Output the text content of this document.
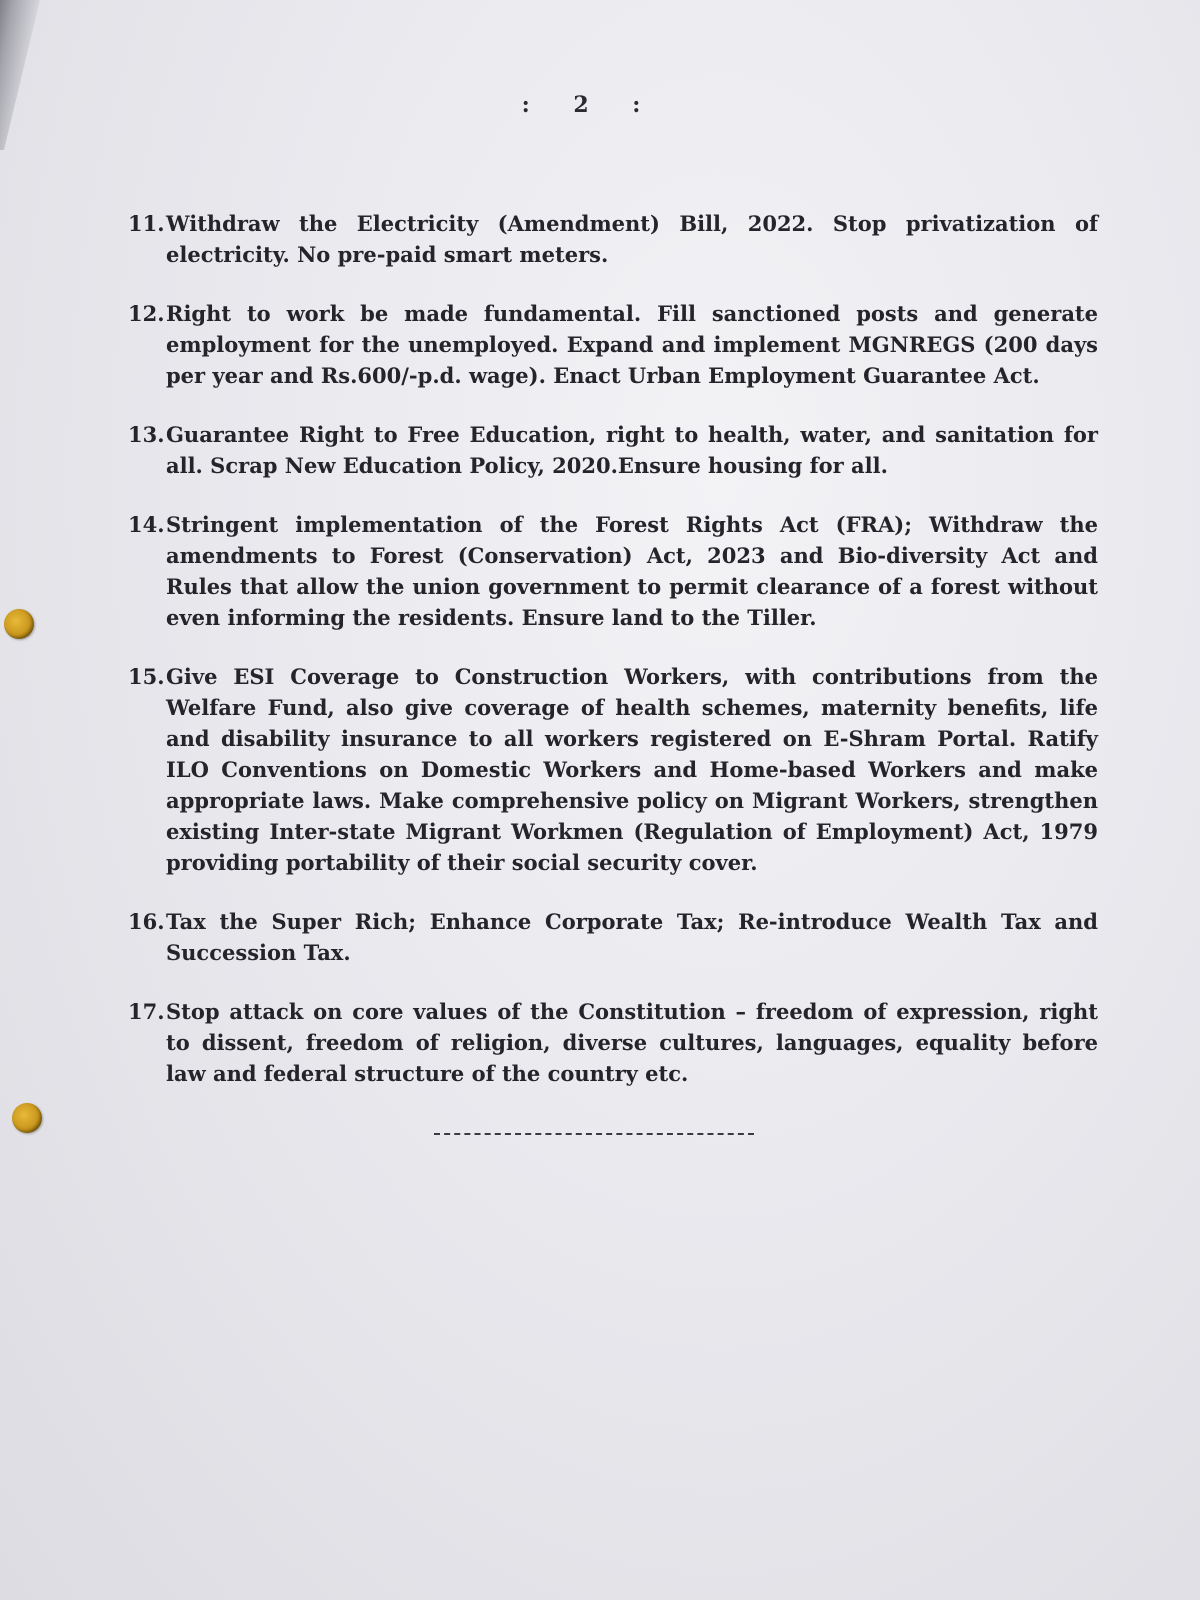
: 2 :
11. Withdraw the Electricity (Amendment) Bill, 2022. Stop privatization of electricity. No pre-paid smart meters.
12. Right to work be made fundamental. Fill sanctioned posts and generate employment for the unemployed. Expand and implement MGNREGS (200 days per year and Rs.600/-p.d. wage). Enact Urban Employment Guarantee Act.
13. Guarantee Right to Free Education, right to health, water, and sanitation for all. Scrap New Education Policy, 2020.Ensure housing for all.
14. Stringent implementation of the Forest Rights Act (FRA); Withdraw the amendments to Forest (Conservation) Act, 2023 and Bio-diversity Act and Rules that allow the union government to permit clearance of a forest without even informing the residents. Ensure land to the Tiller.
15. Give ESI Coverage to Construction Workers, with contributions from the Welfare Fund, also give coverage of health schemes, maternity benefits, life and disability insurance to all workers registered on E-Shram Portal. Ratify ILO Conventions on Domestic Workers and Home-based Workers and make appropriate laws. Make comprehensive policy on Migrant Workers, strengthen existing Inter-state Migrant Workmen (Regulation of Employment) Act, 1979 providing portability of their social security cover.
16. Tax the Super Rich; Enhance Corporate Tax; Re-introduce Wealth Tax and Succession Tax.
17. Stop attack on core values of the Constitution – freedom of expression, right to dissent, freedom of religion, diverse cultures, languages, equality before law and federal structure of the country etc.
